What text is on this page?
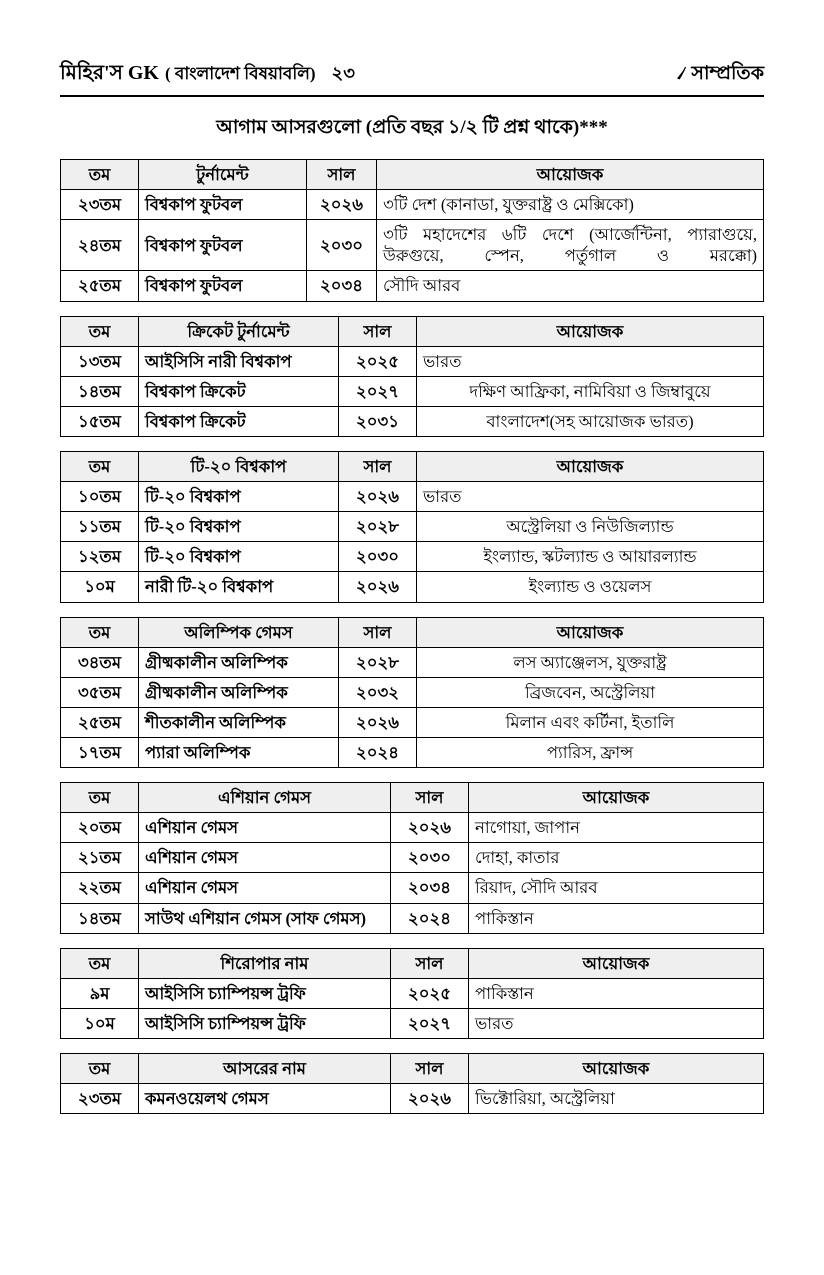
মিহির'স GK ( বাংলাদেশ বিষয়াবলি) ২৩	৴ সাম্প্রতিক
আগাম আসরগুলো (প্রতি বছর ১/২ টি প্রশ্ন থাকে)***
তম	টুর্নামেন্ট	সাল	আয়োজক
২৩তম	বিশ্বকাপ ফুটবল	২০২৬	৩টি দেশ (কানাডা, যুক্তরাষ্ট্র ও মেক্সিকো)
২৪তম	বিশ্বকাপ ফুটবল	২০৩০	৩টি মহাদেশের ৬টি দেশে (আর্জেন্টিনা, প্যারাগুয়ে, উরুগুয়ে, স্পেন, পর্তুগাল ও মরক্কো)
২৫তম	বিশ্বকাপ ফুটবল	২০৩৪	সৌদি আরব
তম	ক্রিকেট টুর্নামেন্ট	সাল	আয়োজক
১৩তম	আইসিসি নারী বিশ্বকাপ	২০২৫	ভারত
১৪তম	বিশ্বকাপ ক্রিকেট	২০২৭	দক্ষিণ আফ্রিকা, নামিবিয়া ও জিম্বাবুয়ে
১৫তম	বিশ্বকাপ ক্রিকেট	২০৩১	বাংলাদেশ(সহ আয়োজক ভারত)
তম	টি-২০ বিশ্বকাপ	সাল	আয়োজক
১০তম	টি-২০ বিশ্বকাপ	২০২৬	ভারত
১১তম	টি-২০ বিশ্বকাপ	২০২৮	অস্ট্রেলিয়া ও নিউজিল্যান্ড
১২তম	টি-২০ বিশ্বকাপ	২০৩০	ইংল্যান্ড, স্কটল্যান্ড ও আয়ারল্যান্ড
১০ম	নারী টি-২০ বিশ্বকাপ	২০২৬	ইংল্যান্ড ও ওয়েলস
তম	অলিম্পিক গেমস	সাল	আয়োজক
৩৪তম	গ্রীষ্মকালীন অলিম্পিক	২০২৮	লস অ্যাঞ্জেলস, যুক্তরাষ্ট্র
৩৫তম	গ্রীষ্মকালীন অলিম্পিক	২০৩২	ব্রিজবেন, অস্ট্রেলিয়া
২৫তম	শীতকালীন অলিম্পিক	২০২৬	মিলান এবং কর্টিনা, ইতালি
১৭তম	প্যারা অলিম্পিক	২০২৪	প্যারিস, ফ্রান্স
তম	এশিয়ান গেমস	সাল	আয়োজক
২০তম	এশিয়ান গেমস	২০২৬	নাগোয়া, জাপান
২১তম	এশিয়ান গেমস	২০৩০	দোহা, কাতার
২২তম	এশিয়ান গেমস	২০৩৪	রিয়াদ, সৌদি আরব
১৪তম	সাউথ এশিয়ান গেমস (সাফ গেমস)	২০২৪	পাকিস্তান
তম	শিরোপার নাম	সাল	আয়োজক
৯ম	আইসিসি চ্যাম্পিয়ন্স ট্রফি	২০২৫	পাকিস্তান
১০ম	আইসিসি চ্যাম্পিয়ন্স ট্রফি	২০২৭	ভারত
তম	আসরের নাম	সাল	আয়োজক
২৩তম	কমনওয়েলথ গেমস	২০২৬	ভিক্টোরিয়া, অস্ট্রেলিয়া
